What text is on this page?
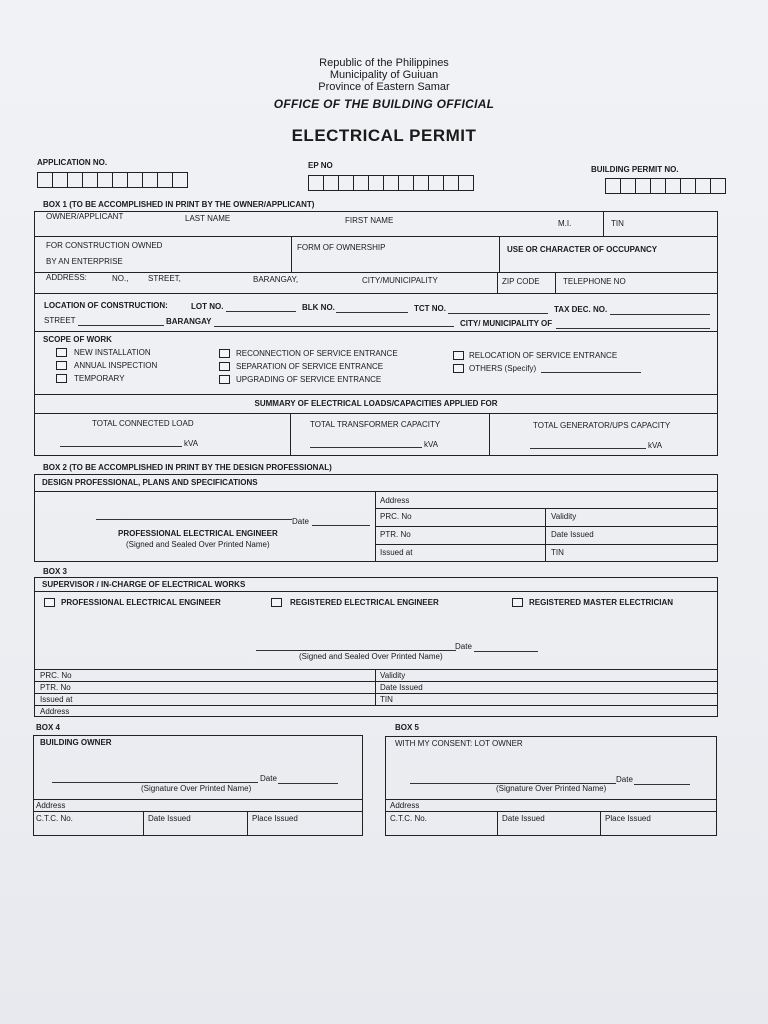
Republic of the Philippines
Municipality of Guiuan
Province of Eastern Samar
OFFICE OF THE BUILDING OFFICIAL
ELECTRICAL PERMIT
APPLICATION NO.	EP NO	BUILDING PERMIT NO.
BOX 1 (TO BE ACCOMPLISHED IN PRINT BY THE OWNER/APPLICANT)
OWNER/APPLICANT	LAST NAME	FIRST NAME	M.I.	TIN
FOR CONSTRUCTION OWNED
BY AN ENTERPRISE
FORM OF OWNERSHIP	USE OR CHARACTER OF OCCUPANCY
ADDRESS:	NO., STREET,	BARANGAY,	CITY/MUNICIPALITY	ZIP CODE	TELEPHONE NO
LOCATION OF CONSTRUCTION:	LOT NO.	BLK NO.	TCT NO.	TAX DEC. NO.
STREET	BARANGAY	CITY/ MUNICIPALITY OF
SCOPE OF WORK
NEW INSTALLATION
ANNUAL INSPECTION
TEMPORARY
RECONNECTION OF SERVICE ENTRANCE
SEPARATION OF SERVICE ENTRANCE
UPGRADING OF SERVICE ENTRANCE
RELOCATION OF SERVICE ENTRANCE
OTHERS (Specify)
SUMMARY OF ELECTRICAL LOADS/CAPACITIES APPLIED FOR
TOTAL CONNECTED LOAD
kVA
TOTAL TRANSFORMER CAPACITY
kVA
TOTAL GENERATOR/UPS CAPACITY
kVA
BOX 2 (TO BE ACCOMPLISHED IN PRINT BY THE DESIGN PROFESSIONAL)
DESIGN PROFESSIONAL, PLANS AND SPECIFICATIONS
Date
PROFESSIONAL ELECTRICAL ENGINEER
(Signed and Sealed Over Printed Name)
Address
PRC. No	Validity
PTR. No	Date Issued
Issued at	TIN
BOX 3
SUPERVISOR / IN-CHARGE OF ELECTRICAL WORKS
PROFESSIONAL ELECTRICAL ENGINEER	REGISTERED ELECTRICAL ENGINEER	REGISTERED MASTER ELECTRICIAN
Date
(Signed and Sealed Over Printed Name)
PRC. No	Validity
PTR. No	Date Issued
Issued at	TIN
Address
BOX 4
BUILDING OWNER
Date
(Signature Over Printed Name)
Address
C.T.C. No.	Date Issued	Place Issued
BOX 5
WITH MY CONSENT: LOT OWNER
Date
(Signature Over Printed Name)
Address
C.T.C. No.	Date Issued	Place Issued
